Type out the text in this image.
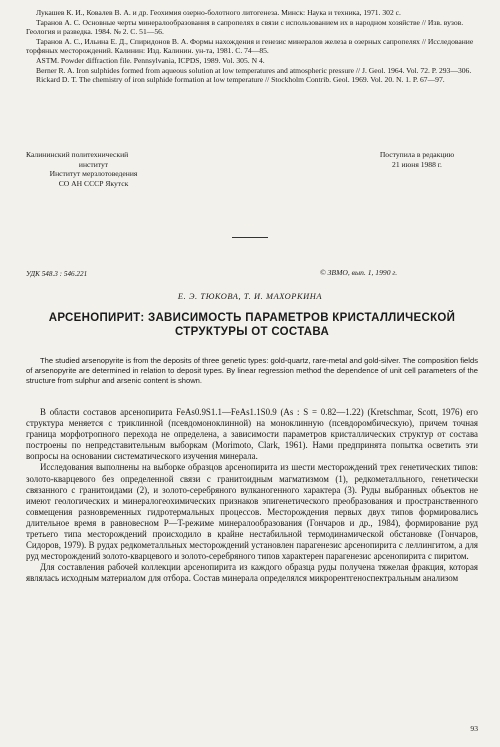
Лукашев К. И., Ковалев В. А. и др. Геохимия озерно-болотного литогенеза. Минск: Наука и техника, 1971. 302 с.

Таранов А. С. Основные черты минералообразования в сапропелях в связи с использованием их в народном хозяйстве // Изв. вузов. Геология и разведка. 1984. № 2. С. 51—56.

Таранов А. С., Ильина Е. Д., Спиридонов В. А. Формы нахождения и генезис минералов железа в озерных сапропелях // Исследование торфяных месторождений. Калинин: Изд. Калинин. ун-та, 1981. С. 74—85.

ASTM. Powder diffraction file. Pennsylvania, ICPDS, 1989. Vol. 305. N 4.

Berner R. A. Iron sulphides formed from aqueous solution at low temperatures and atmospheric pressure // J. Geol. 1964. Vol. 72. P. 293—306.

Rickard D. T. The chemistry of iron sulphide formation at low temperature // Stockholm Contrib. Geol. 1969. Vol. 20. N. 1. P. 67—97.

Калининский политехнический
институт
Институт мерзлотоведения
СО АН СССР Якутск
Поступила в редакцию
21 июня 1988 г.
УДК 548.3 : 546.221	© ЗВМО, вып. 1, 1990 г.
Е. Э. ТЮКОВА, Т. И. МАХОРКИНА
АРСЕНОПИРИТ: ЗАВИСИМОСТЬ ПАРАМЕТРОВ КРИСТАЛЛИЧЕСКОЙ
СТРУКТУРЫ ОТ СОСТАВА

The studied arsenopyrite is from the deposits of three genetic types: gold-quartz, rare-metal and gold-silver. The composition fields of arsenopyrite are determined in relation to deposit types. By linear regression method the dependence of unit cell parameters of the structure from sulphur and arsenic content is shown.

В области составов арсенопирита FeAs0.9S1.1—FeAs1.1S0.9 (As : S = 0.82—1.22) (Kretschmar, Scott, 1976) его структура меняется с триклинной (псевдомоноклинной) на моноклинную (псевдоромбическую), причем точная граница морфотропного перехода не определена, а зависимости параметров кристаллических структур от состава построены по непредставительным выборкам (Morimoto, Clark, 1961). Нами предпринята попытка осветить эти вопросы на основании систематического изучения минерала.

Исследования выполнены на выборке образцов арсенопирита из шести месторождений трех генетических типов: золото-кварцевого без определенной связи с гранитоидным магматизмом (1), редкометалльного, генетически связанного с гранитоидами (2), и золото-серебряного вулканогенного характера (3). Руды выбранных объектов не имеют геологических и минералогеохимических признаков эпигенетического преобразования и пространственного совмещения разновременных гидротермальных процессов. Месторождения первых двух типов формировались длительное время в равновесном P—T-режиме минералообразования (Гончаров и др., 1984), формирование руд третьего типа месторождений происходило в крайне нестабильной термодинамической обстановке (Гончаров, Сидоров, 1979). В рудах редкометалльных месторождений установлен парагенезис арсенопирита с леллингитом, а для руд месторождений золото-кварцевого и золото-серебряного типов характерен парагенезис арсенопирита с пиритом.

Для составления рабочей коллекции арсенопирита из каждого образца руды получена тяжелая фракция, которая являлась исходным материалом для отбора. Состав минерала определялся микрорентгеноспектральным анализом

93
